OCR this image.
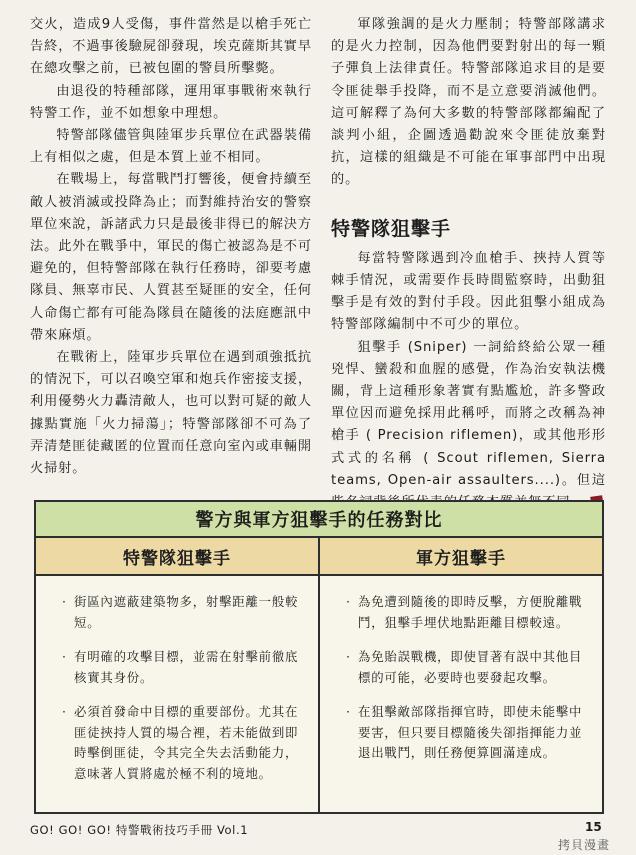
交火，造成9人受傷，事件當然是以槍手死亡告終，不過事後驗屍卻發現，埃克薩斯其實早在總攻擊之前，已被包圍的警員所擊斃。

由退役的特種部隊，運用軍事戰術來執行特警工作，並不如想象中理想。

特警部隊儘管與陸軍步兵單位在武器裝備上有相似之處，但是本質上並不相同。

在戰場上，每當戰鬥打響後，便會持續至敵人被消滅或投降為止；而對維持治安的警察單位來說，訴諸武力只是最後非得已的解決方法。此外在戰爭中，軍民的傷亡被認為是不可避免的，但特警部隊在執行任務時，卻要考慮隊員、無辜市民、人質甚至疑匪的安全，任何人命傷亡都有可能為隊員在隨後的法庭應訊中帶來麻煩。

在戰術上，陸軍步兵單位在遇到頑強抵抗的情況下，可以召喚空軍和炮兵作密接支援，利用優勢火力轟清敵人，也可以對可疑的敵人據點實施「火力掃蕩」；特警部隊卻不可為了弄清楚匪徒藏匿的位置而任意向室內或車輛開火掃射。

軍隊強調的是火力壓制；特警部隊講求的是火力控制，因為他們要對射出的每一顆子彈負上法律責任。特警部隊追求目的是要令匪徒舉手投降，而不是立意要消滅他們。這可解釋了為何大多數的特警部隊都編配了談判小組，企圖透過勸說來令匪徒放棄對抗，這樣的組織是不可能在軍事部門中出現的。

特警隊狙擊手

每當特警隊遇到冷血槍手、挾持人質等棘手情況，或需要作長時間監察時，出動狙擊手是有效的對付手段。因此狙擊小組成為特警部隊編制中不可少的單位。

狙擊手 (Sniper) 一詞給終給公眾一種兇悍、蠻殺和血腥的感覺，作為治安執法機關，背上這種形象著實有點尷尬，許多警政單位因而避免採用此稱呼，而將之改稱為神槍手 ( Precision riflemen)，或其他形形式式的名稱 ( Scout riflemen, Sierra teams, Open-air assaulters....)。但這

警方與軍方狙擊手的任務對比
特警隊狙擊手	軍方狙擊手
· 街區內遮蔽建築物多，射擊距離一般較短。
· 有明確的攻擊目標，並需在射擊前徹底核實其身份。
· 必須首發命中目標的重要部份。尤其在匪徒挾持人質的場合裡，若未能做到即時擊倒匪徒，令其完全失去活動能力，意味著人質將處於極不利的境地。
· 為免遭到隨後的即時反擊，方便脫離戰鬥，狙擊手埋伏地點距離目標較遠。
· 為免貽誤戰機，即使冒著有誤中其他目標的可能，必要時也要發起攻擊。
· 在狙擊敵部隊指揮官時，即使未能擊中要害，但只要目標隨後失卻指揮能力並退出戰鬥，則任務便算圓滿達成。
GO! GO! GO! 特警戰術技巧手冊 Vol.1	15
拷貝漫畫
